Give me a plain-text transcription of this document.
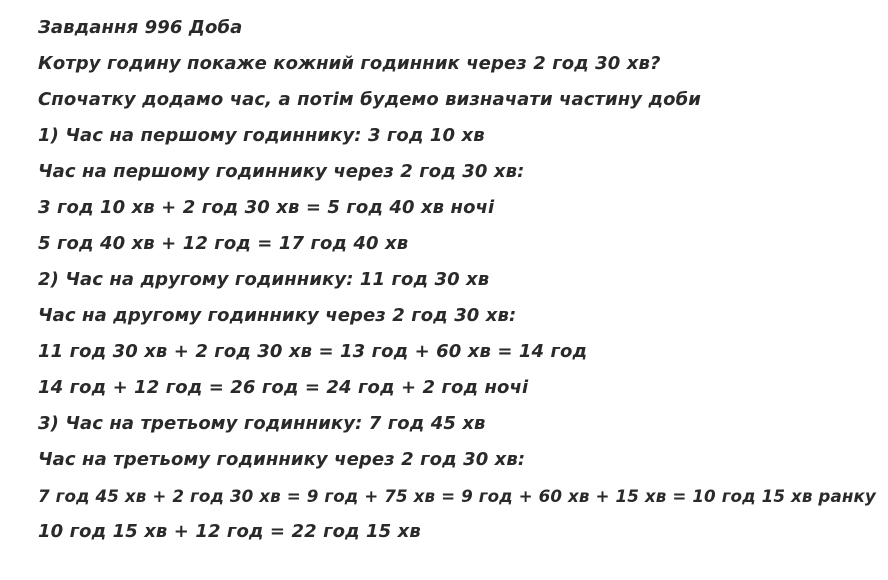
Завдання 996 Доба
Котру годину покаже кожний годинник через 2 год 30 хв?
Спочатку додамо час, а потім будемо визначати частину доби
1) Час на першому годиннику: 3 год 10 хв
Час на першому годиннику через 2 год 30 хв:
3 год 10 хв + 2 год 30 хв = 5 год 40 хв ночі
5 год 40 хв + 12 год = 17 год 40 хв
2) Час на другому годиннику: 11 год 30 хв
Час на другому годиннику через 2 год 30 хв:
11 год 30 хв + 2 год 30 хв = 13 год + 60 хв = 14 год
14 год + 12 год = 26 год = 24 год + 2 год ночі
3) Час на третьому годиннику: 7 год 45 хв
Час на третьому годиннику через 2 год 30 хв:
7 год 45 хв + 2 год 30 хв = 9 год + 75 хв = 9 год + 60 хв + 15 хв = 10 год 15 хв ранку
10 год 15 хв + 12 год = 22 год 15 хв
